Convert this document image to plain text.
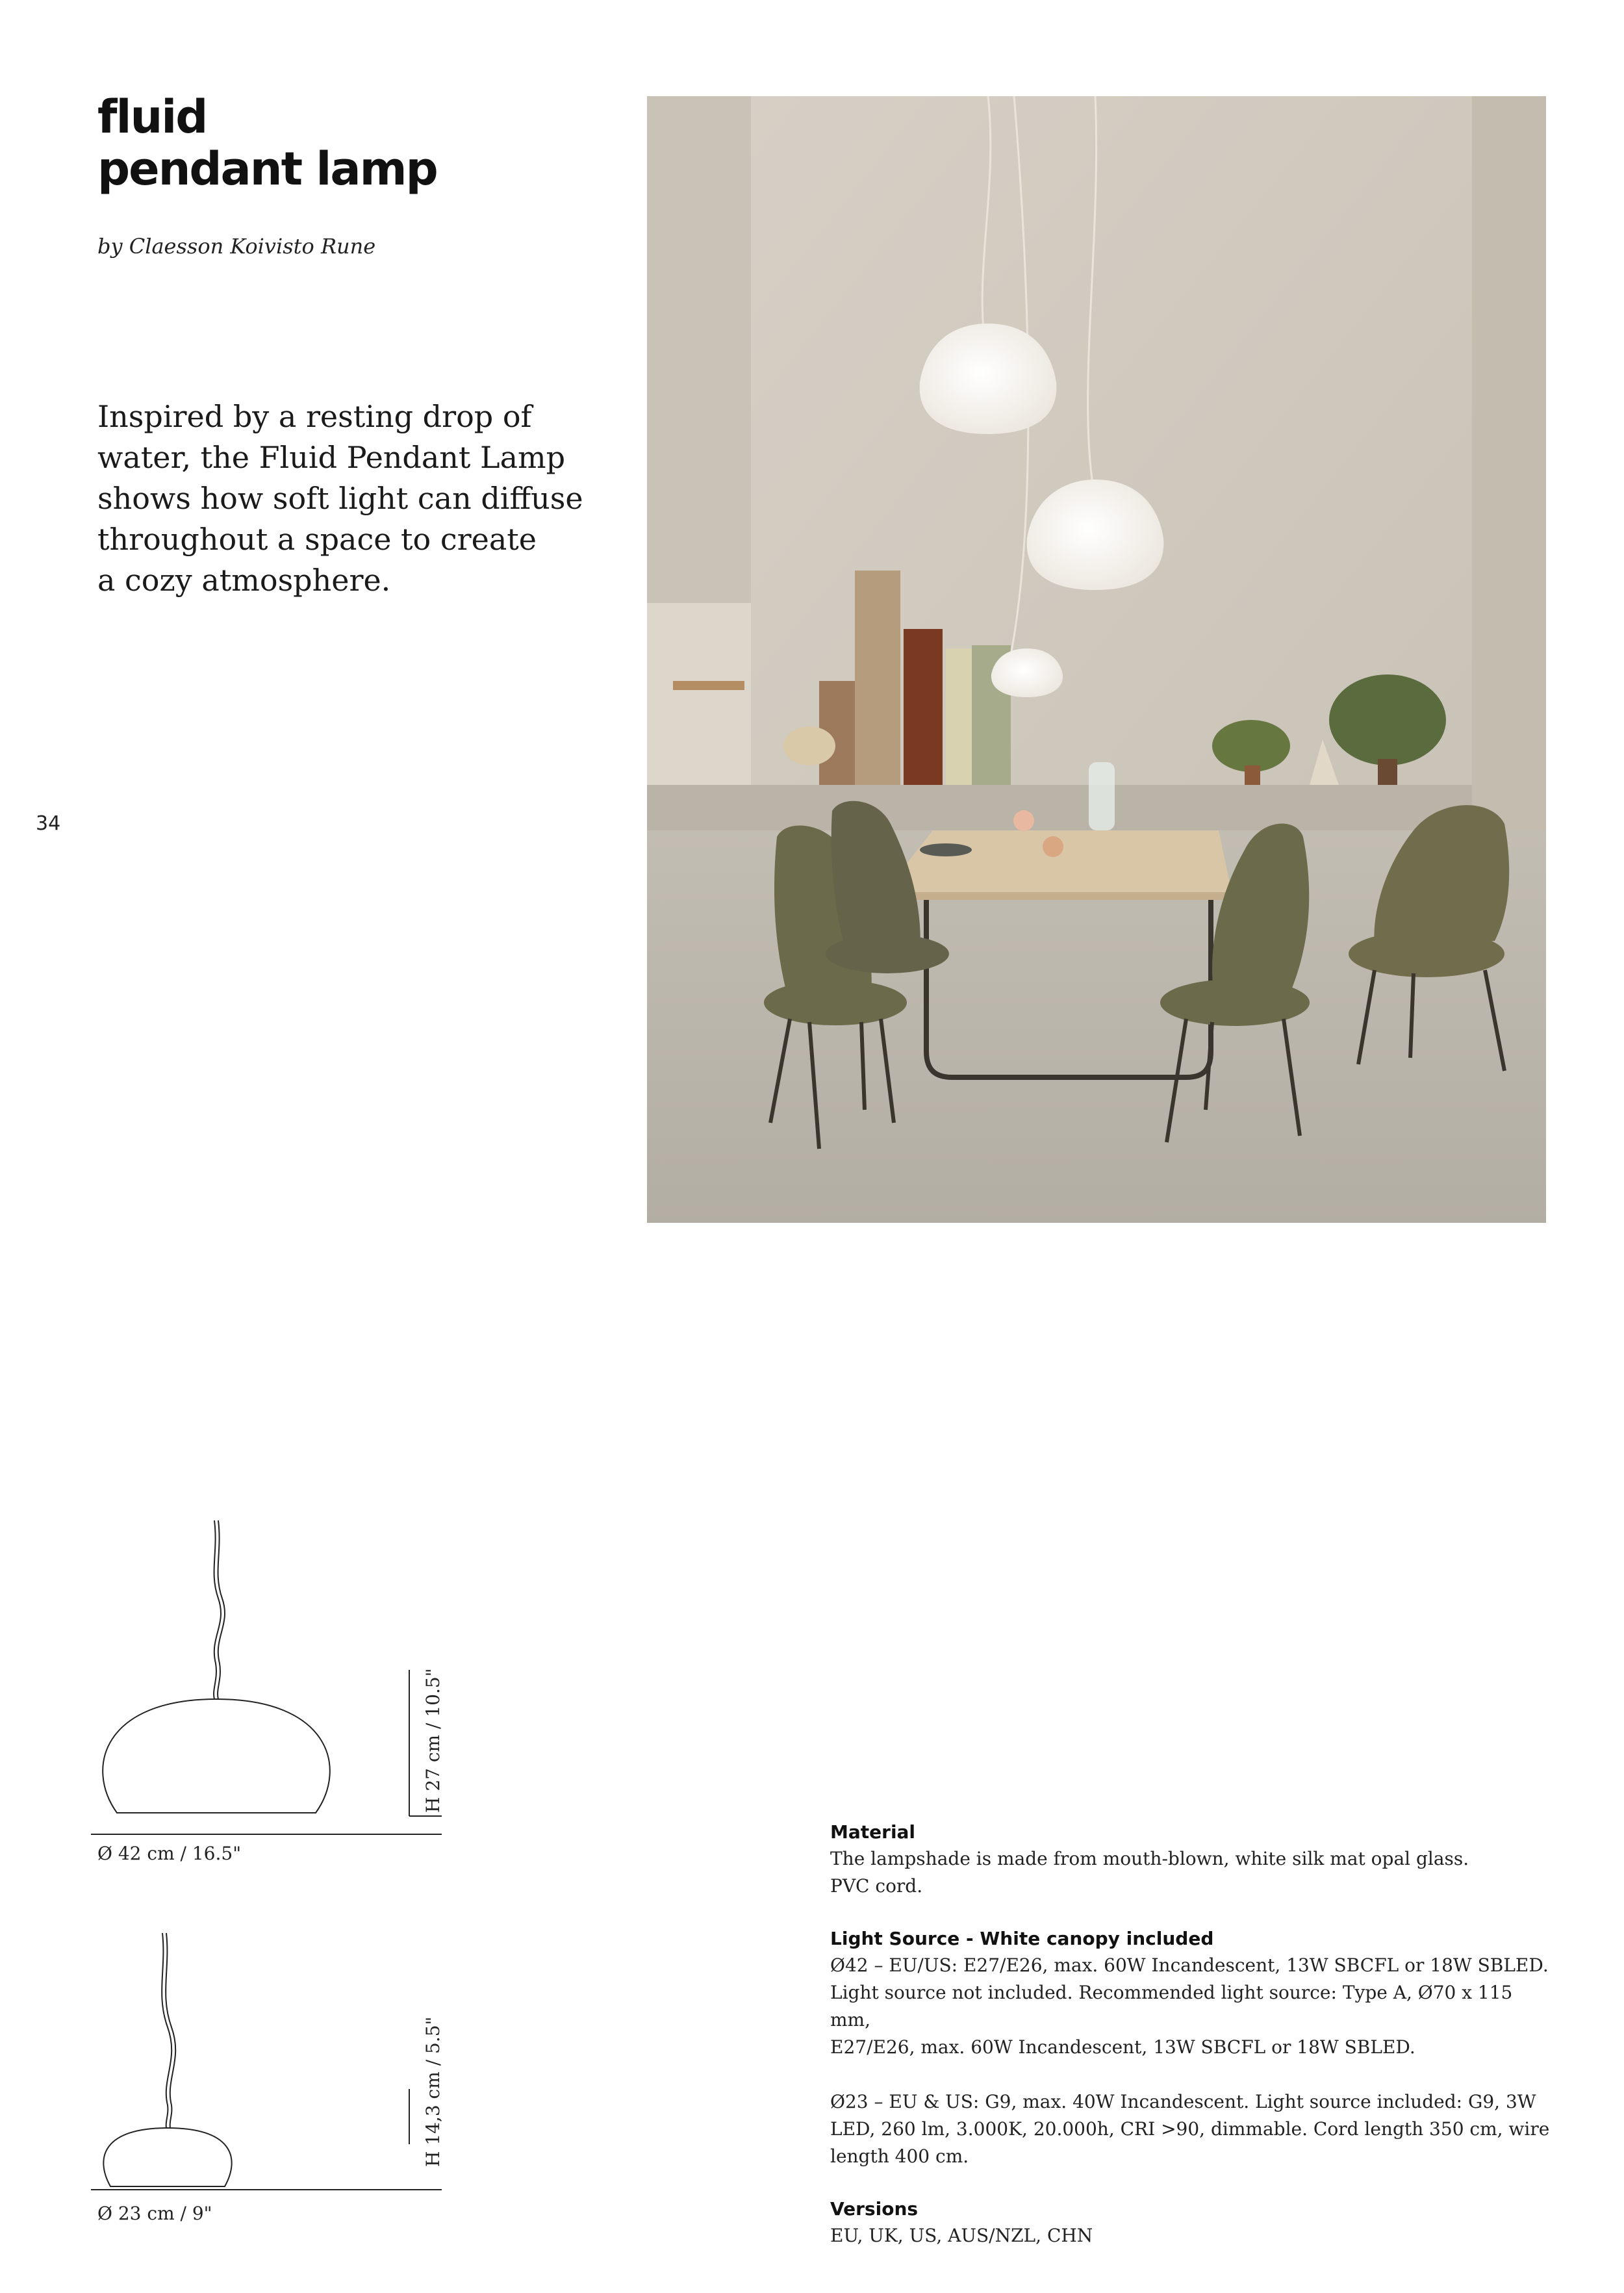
fluid
pendant lamp
by Claesson Koivisto Rune
Inspired by a resting drop of
water, the Fluid Pendant Lamp
shows how soft light can diffuse
throughout a space to create
a cozy atmosphere.
34
Ø 42 cm / 16.5"
H 27 cm / 10.5"
Ø 23 cm / 9"
H 14,3 cm / 5.5"
Material
The lampshade is made from mouth-blown, white silk mat opal glass.
PVC cord.
Light Source - White canopy included
Ø42 – EU/US: E27/E26, max. 60W Incandescent, 13W SBCFL or 18W SBLED.
Light source not included. Recommended light source: Type A, Ø70 x 115 mm,
E27/E26, max. 60W Incandescent, 13W SBCFL or 18W SBLED.
Ø23 – EU & US: G9, max. 40W Incandescent. Light source included: G9, 3W
LED, 260 lm, 3.000K, 20.000h, CRI >90, dimmable. Cord length 350 cm, wire
length 400 cm.
Versions
EU, UK, US, AUS/NZL, CHN
